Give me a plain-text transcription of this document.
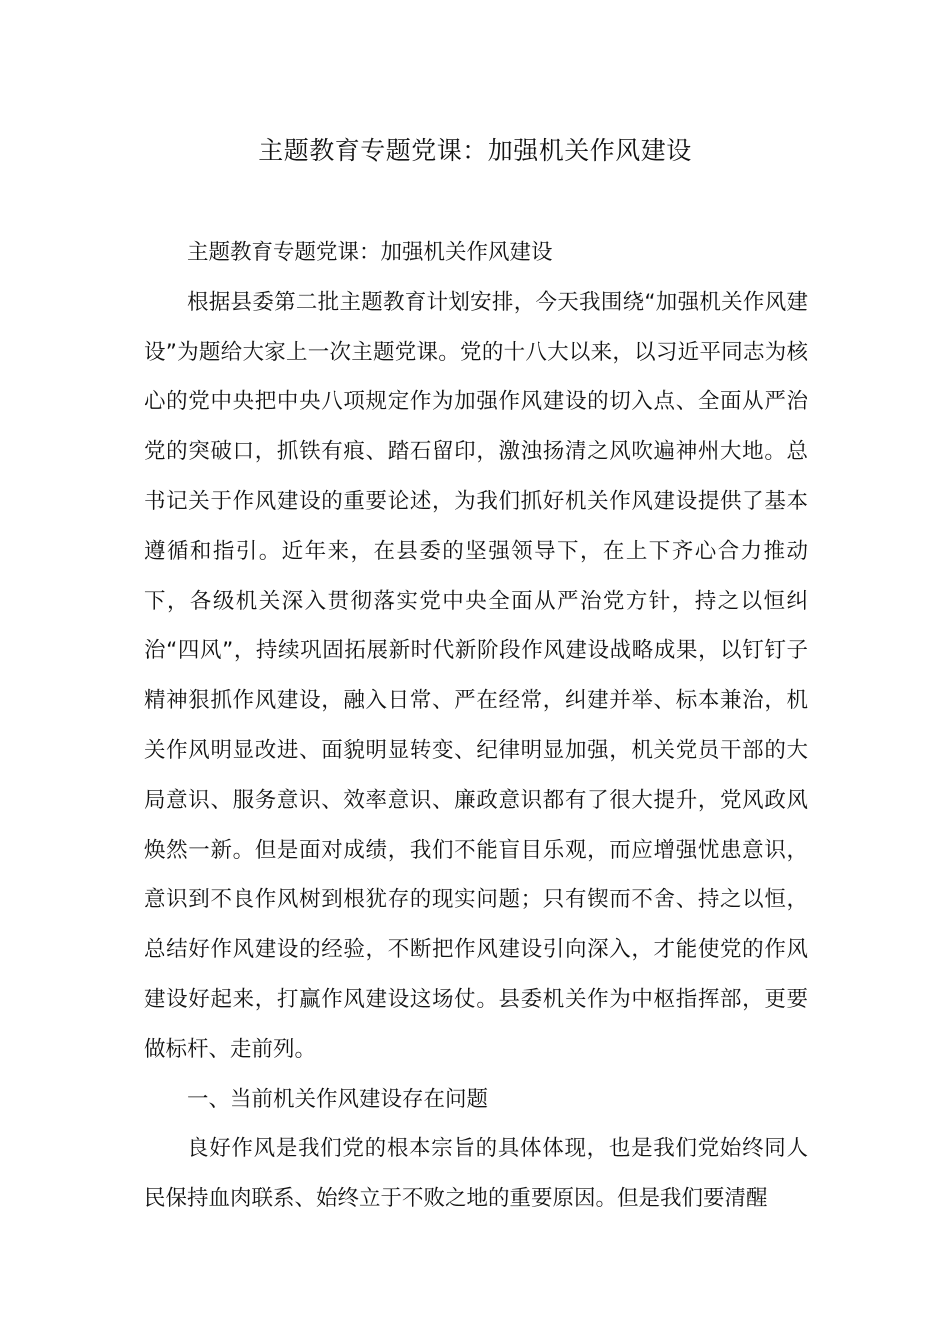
主题教育专题党课：加强机关作风建设

主题教育专题党课：加强机关作风建设

根据县委第二批主题教育计划安排，今天我围绕“加强机关作风建设”为题给大家上一次主题党课。党的十八大以来，以习近平同志为核心的党中央把中央八项规定作为加强作风建设的切入点、全面从严治党的突破口，抓铁有痕、踏石留印，激浊扬清之风吹遍神州大地。总书记关于作风建设的重要论述，为我们抓好机关作风建设提供了基本遵循和指引。近年来，在县委的坚强领导下，在上下齐心合力推动下，各级机关深入贯彻落实党中央全面从严治党方针，持之以恒纠治“四风”，持续巩固拓展新时代新阶段作风建设战略成果，以钉钉子精神狠抓作风建设，融入日常、严在经常，纠建并举、标本兼治，机关作风明显改进、面貌明显转变、纪律明显加强，机关党员干部的大局意识、服务意识、效率意识、廉政意识都有了很大提升，党风政风焕然一新。但是面对成绩，我们不能盲目乐观，而应增强忧患意识，意识到不良作风树到根犹存的现实问题；只有锲而不舍、持之以恒，总结好作风建设的经验，不断把作风建设引向深入，才能使党的作风建设好起来，打赢作风建设这场仗。县委机关作为中枢指挥部，更要做标杆、走前列。

一、当前机关作风建设存在问题

良好作风是我们党的根本宗旨的具体体现，也是我们党始终同人民保持血肉联系、始终立于不败之地的重要原因。但是我们要清醒
